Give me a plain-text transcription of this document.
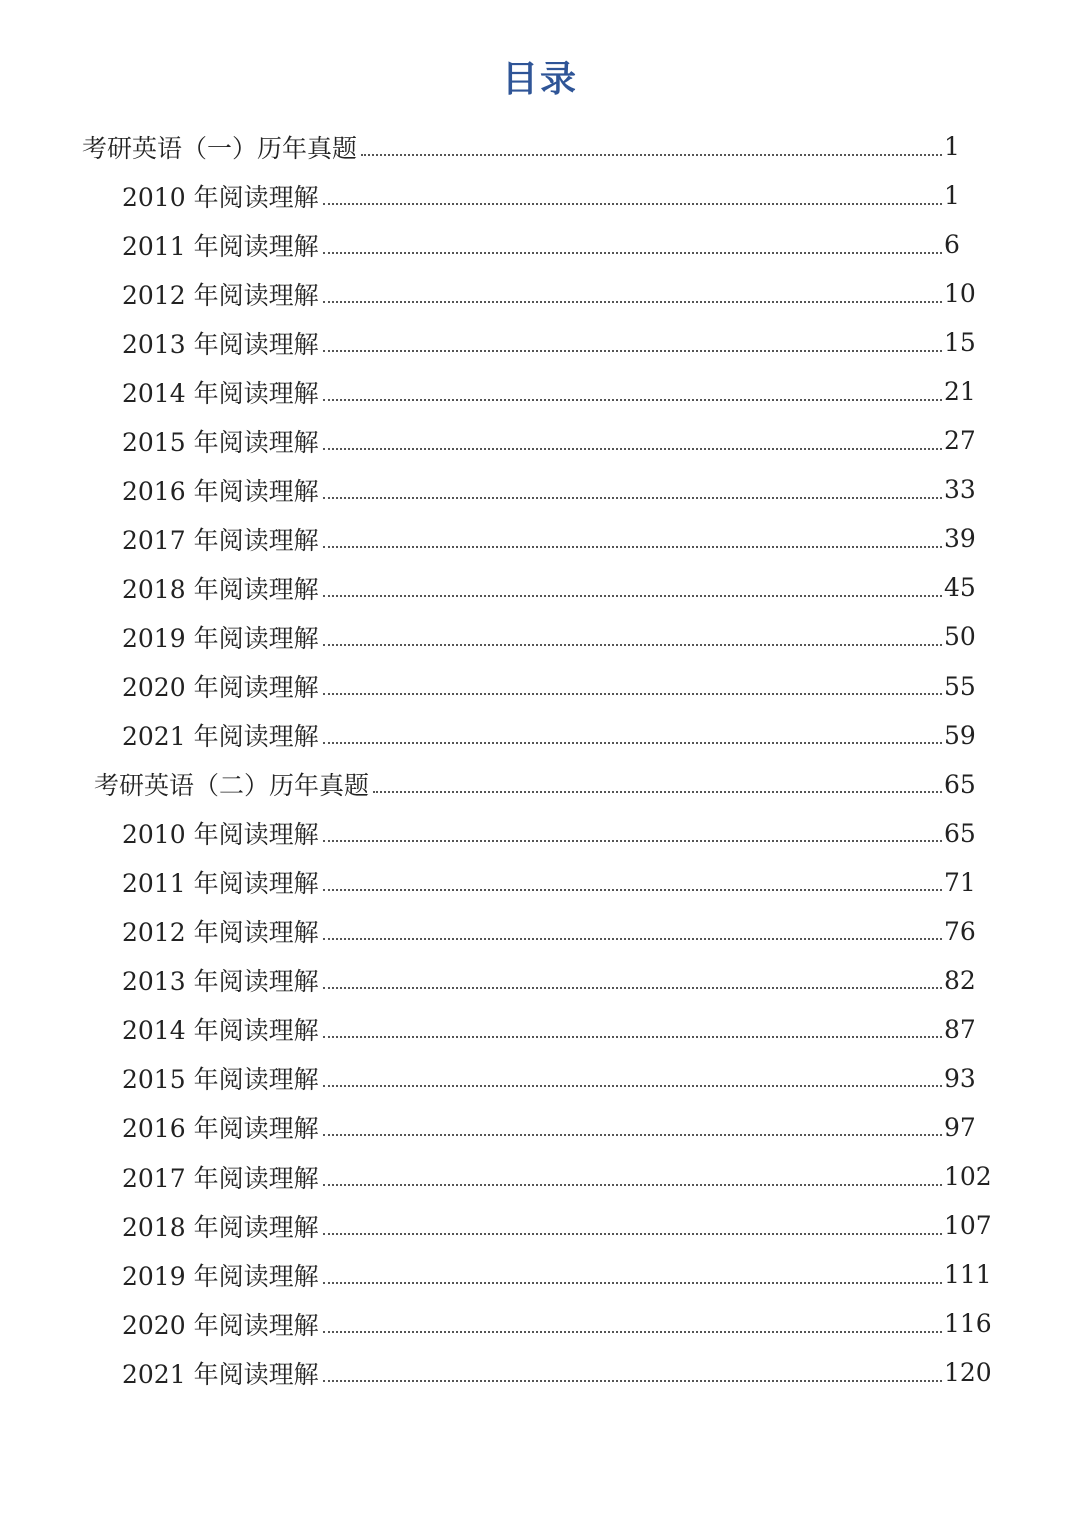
目录
考研英语（一）历年真题	1
2010 年阅读理解	1
2011 年阅读理解	6
2012 年阅读理解	10
2013 年阅读理解	15
2014 年阅读理解	21
2015 年阅读理解	27
2016 年阅读理解	33
2017 年阅读理解	39
2018 年阅读理解	45
2019 年阅读理解	50
2020 年阅读理解	55
2021 年阅读理解	59
考研英语（二）历年真题	65
2010 年阅读理解	65
2011 年阅读理解	71
2012 年阅读理解	76
2013 年阅读理解	82
2014 年阅读理解	87
2015 年阅读理解	93
2016 年阅读理解	97
2017 年阅读理解	102
2018 年阅读理解	107
2019 年阅读理解	111
2020 年阅读理解	116
2021 年阅读理解	120
